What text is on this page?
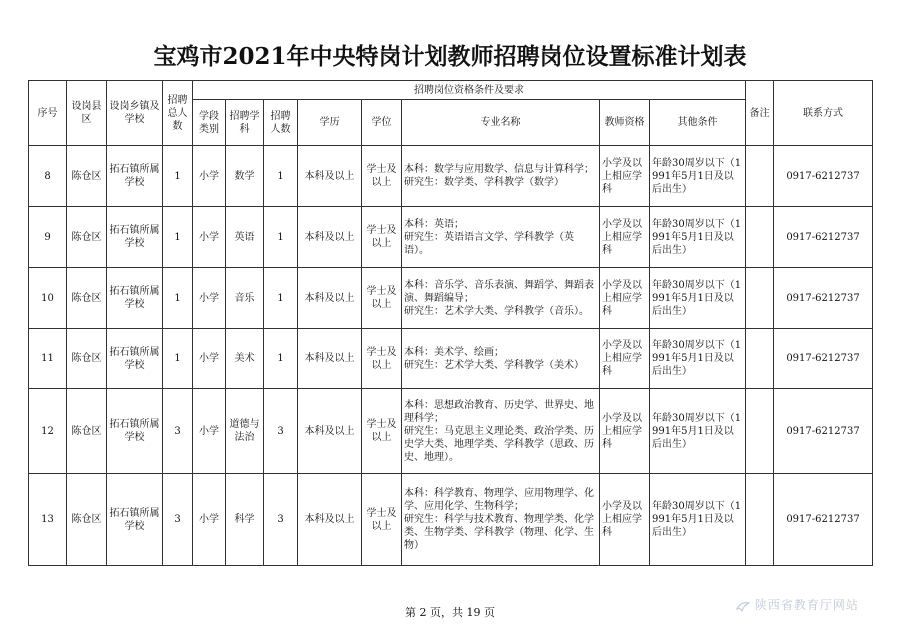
宝鸡市2021年中央特岗计划教师招聘岗位设置标准计划表
序号	设岗县区	设岗乡镇及学校	招聘总人数	招聘岗位资格条件及要求								备注	联系方式
				学段类别	招聘学科	招聘人数	学历	学位	专业名称	教师资格	其他条件		
8	陈仓区	拓石镇所属学校	1	小学	数学	1	本科及以上	学士及以上	本科：数学与应用数学、信息与计算科学；
研究生：数学类、学科教学（数学）	小学及以上相应学科	年龄30周岁以下（1991年5月1日及以后出生）		0917-6212737
9	陈仓区	拓石镇所属学校	1	小学	英语	1	本科及以上	学士及以上	本科：英语；
研究生：英语语言文学、学科教学（英语）。	小学及以上相应学科	年龄30周岁以下（1991年5月1日及以后出生）		0917-6212737
10	陈仓区	拓石镇所属学校	1	小学	音乐	1	本科及以上	学士及以上	本科：音乐学、音乐表演、舞蹈学、舞蹈表演、舞蹈编导；
研究生：艺术学大类、学科教学（音乐）。	小学及以上相应学科	年龄30周岁以下（1991年5月1日及以后出生）		0917-6212737
11	陈仓区	拓石镇所属学校	1	小学	美术	1	本科及以上	学士及以上	本科：美术学、绘画；
研究生：艺术学大类、学科教学（美术）	小学及以上相应学科	年龄30周岁以下（1991年5月1日及以后出生）		0917-6212737
12	陈仓区	拓石镇所属学校	3	小学	道德与法治	3	本科及以上	学士及以上	本科：思想政治教育、历史学、世界史、地理科学；
研究生：马克思主义理论类、政治学类、历史学大类、地理学类、学科教学（思政、历史、地理）。	小学及以上相应学科	年龄30周岁以下（1991年5月1日及以后出生）		0917-6212737
13	陈仓区	拓石镇所属学校	3	小学	科学	3	本科及以上	学士及以上	本科：科学教育、物理学、应用物理学、化学、应用化学、生物科学；
研究生：科学与技术教育、物理学类、化学类、生物学类、学科教学（物理、化学、生物）	小学及以上相应学科	年龄30周岁以下（1991年5月1日及以后出生）		0917-6212737
第 2 页，共 19 页
陕西省教育厅网站
